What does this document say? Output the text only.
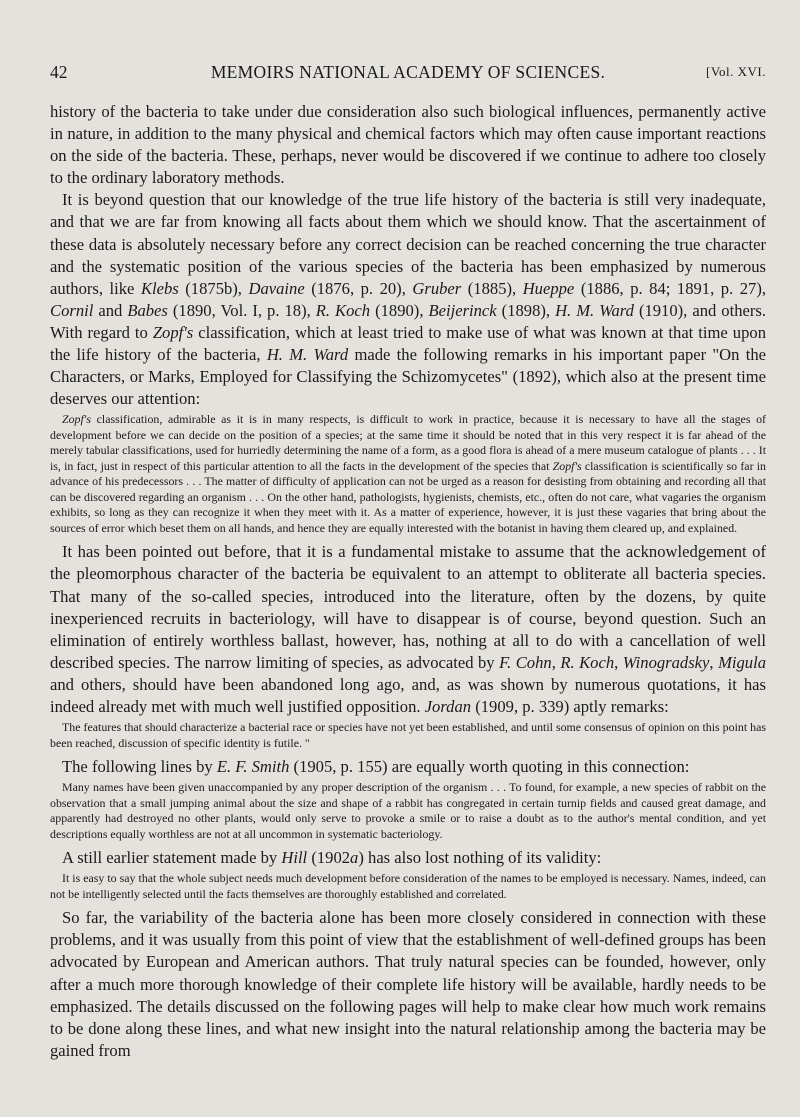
42	MEMOIRS NATIONAL ACADEMY OF SCIENCES.	[Vol. XVI.

history of the bacteria to take under due consideration also such biological influences, permanently active in nature, in addition to the many physical and chemical factors which may often cause important reactions on the side of the bacteria. These, perhaps, never would be discovered if we continue to adhere too closely to the ordinary laboratory methods.

It is beyond question that our knowledge of the true life history of the bacteria is still very inadequate, and that we are far from knowing all facts about them which we should know. That the ascertainment of these data is absolutely necessary before any correct decision can be reached concerning the true character and the systematic position of the various species of the bacteria has been emphasized by numerous authors, like Klebs (1875b), Davaine (1876, p. 20), Gruber (1885), Hueppe (1886, p. 84; 1891, p. 27), Cornil and Babes (1890, Vol. I, p. 18), R. Koch (1890), Beijerinck (1898), H. M. Ward (1910), and others. With regard to Zopf's classification, which at least tried to make use of what was known at that time upon the life history of the bacteria, H. M. Ward made the following remarks in his important paper "On the Characters, or Marks, Employed for Classifying the Schizomycetes" (1892), which also at the present time deserves our attention:

Zopf's classification, admirable as it is in many respects, is difficult to work in practice, because it is necessary to have all the stages of development before we can decide on the position of a species; at the same time it should be noted that in this very respect it is far ahead of the merely tabular classifications, used for hurriedly determining the name of a form, as a good flora is ahead of a mere museum catalogue of plants . . . It is, in fact, just in respect of this particular attention to all the facts in the development of the species that Zopf's classification is scientifically so far in advance of his predecessors . . . The matter of difficulty of application can not be urged as a reason for desisting from obtaining and recording all that can be discovered regarding an organism . . . On the other hand, pathologists, hygienists, chemists, etc., often do not care, what vagaries the organism exhibits, so long as they can recognize it when they meet with it. As a matter of experience, however, it is just these vagaries that bring about the sources of error which beset them on all hands, and hence they are equally interested with the botanist in having them cleared up, and explained.

It has been pointed out before, that it is a fundamental mistake to assume that the acknowledgement of the pleomorphous character of the bacteria be equivalent to an attempt to obliterate all bacteria species. That many of the so-called species, introduced into the literature, often by the dozens, by quite inexperienced recruits in bacteriology, will have to disappear is of course, beyond question. Such an elimination of entirely worthless ballast, however, has, nothing at all to do with a cancellation of well described species. The narrow limiting of species, as advocated by F. Cohn, R. Koch, Winogradsky, Migula and others, should have been abandoned long ago, and, as was shown by numerous quotations, it has indeed already met with much well justified opposition. Jordan (1909, p. 339) aptly remarks:

The features that should characterize a bacterial race or species have not yet been established, and until some consensus of opinion on this point has been reached, discussion of specific identity is futile. "

The following lines by E. F. Smith (1905, p. 155) are equally worth quoting in this connection:

Many names have been given unaccompanied by any proper description of the organism . . . To found, for example, a new species of rabbit on the observation that a small jumping animal about the size and shape of a rabbit has congregated in certain turnip fields and caused great damage, and apparently had destroyed no other plants, would only serve to provoke a smile or to raise a doubt as to the author's mental condition, and yet descriptions equally worthless are not at all uncommon in systematic bacteriology.

A still earlier statement made by Hill (1902a) has also lost nothing of its validity:

It is easy to say that the whole subject needs much development before consideration of the names to be employed is necessary. Names, indeed, can not be intelligently selected until the facts themselves are thoroughly established and correlated.

So far, the variability of the bacteria alone has been more closely considered in connection with these problems, and it was usually from this point of view that the establishment of well-defined groups has been advocated by European and American authors. That truly natural species can be founded, however, only after a much more thorough knowledge of their complete life history will be available, hardly needs to be emphasized. The details discussed on the following pages will help to make clear how much work remains to be done along these lines, and what new insight into the natural relationship among the bacteria may be gained from
